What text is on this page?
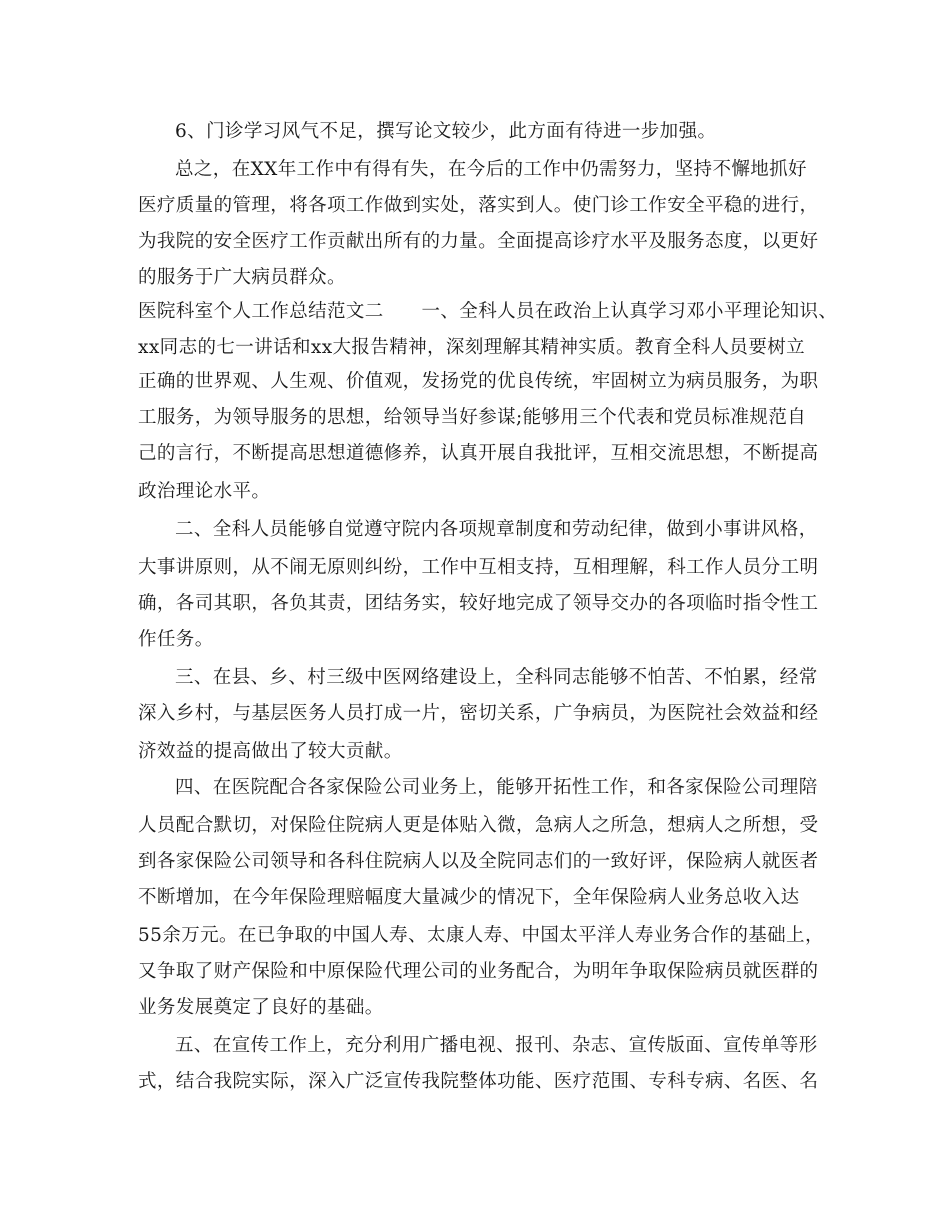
6、门诊学习风气不足，撰写论文较少，此方面有待进一步加强。
总之，在XX年工作中有得有失，在今后的工作中仍需努力，坚持不懈地抓好
医疗质量的管理，将各项工作做到实处，落实到人。使门诊工作安全平稳的进行，
为我院的安全医疗工作贡献出所有的力量。全面提高诊疗水平及服务态度，以更好
的服务于广大病员群众。
医院科室个人工作总结范文二　　一、全科人员在政治上认真学习邓小平理论知识、
xx同志的七一讲话和xx大报告精神，深刻理解其精神实质。教育全科人员要树立
正确的世界观、人生观、价值观，发扬党的优良传统，牢固树立为病员服务，为职
工服务，为领导服务的思想，给领导当好参谋;能够用三个代表和党员标准规范自
己的言行，不断提高思想道德修养，认真开展自我批评，互相交流思想，不断提高
政治理论水平。
二、全科人员能够自觉遵守院内各项规章制度和劳动纪律，做到小事讲风格，
大事讲原则，从不闹无原则纠纷，工作中互相支持，互相理解，科工作人员分工明
确，各司其职，各负其责，团结务实，较好地完成了领导交办的各项临时指令性工
作任务。
三、在县、乡、村三级中医网络建设上，全科同志能够不怕苦、不怕累，经常
深入乡村，与基层医务人员打成一片，密切关系，广争病员，为医院社会效益和经
济效益的提高做出了较大贡献。
四、在医院配合各家保险公司业务上，能够开拓性工作，和各家保险公司理陪
人员配合默切，对保险住院病人更是体贴入微，急病人之所急，想病人之所想，受
到各家保险公司领导和各科住院病人以及全院同志们的一致好评，保险病人就医者
不断增加，在今年保险理赔幅度大量减少的情况下，全年保险病人业务总收入达
55余万元。在已争取的中国人寿、太康人寿、中国太平洋人寿业务合作的基础上，
又争取了财产保险和中原保险代理公司的业务配合，为明年争取保险病员就医群的
业务发展奠定了良好的基础。
五、在宣传工作上，充分利用广播电视、报刊、杂志、宣传版面、宣传单等形
式，结合我院实际，深入广泛宣传我院整体功能、医疗范围、专科专病、名医、名
